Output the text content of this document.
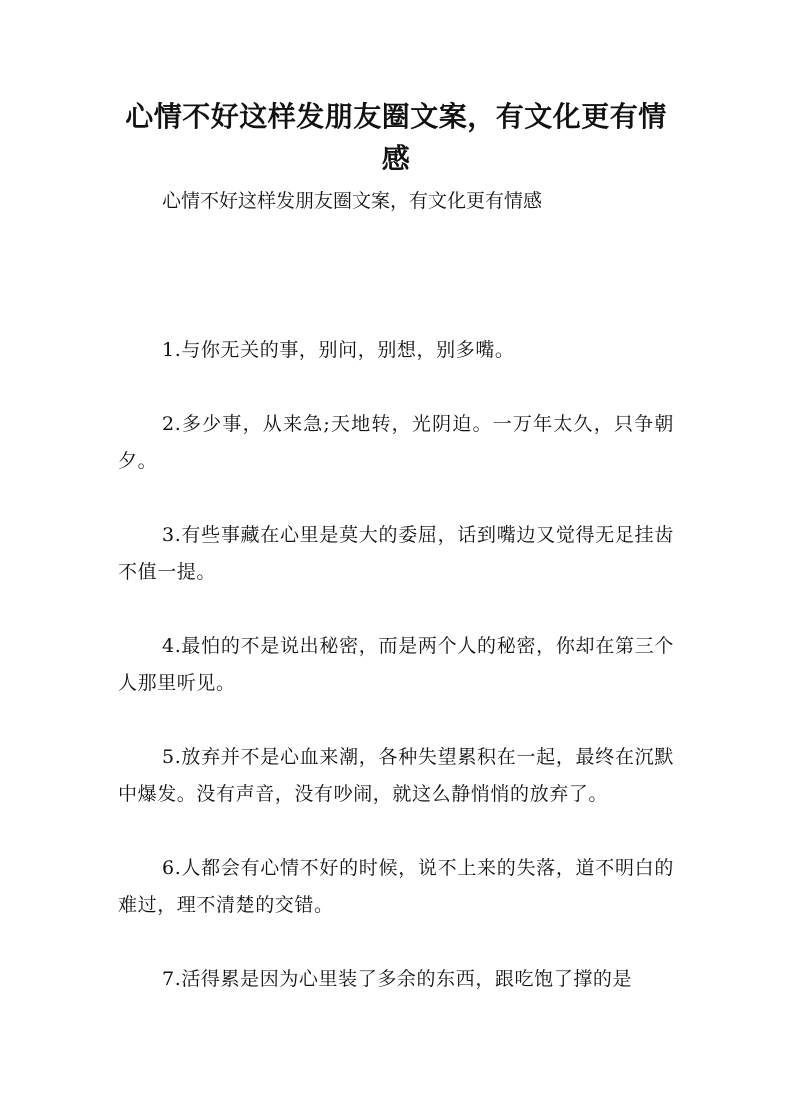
心情不好这样发朋友圈文案，有文化更有情感

心情不好这样发朋友圈文案，有文化更有情感

1.与你无关的事，别问，别想，别多嘴。

2.多少事，从来急;天地转，光阴迫。一万年太久，只争朝夕。

3.有些事藏在心里是莫大的委屈，话到嘴边又觉得无足挂齿不值一提。

4.最怕的不是说出秘密，而是两个人的秘密，你却在第三个人那里听见。

5.放弃并不是心血来潮，各种失望累积在一起，最终在沉默中爆发。没有声音，没有吵闹，就这么静悄悄的放弃了。

6.人都会有心情不好的时候，说不上来的失落，道不明白的难过，理不清楚的交错。

7.活得累是因为心里装了多余的东西，跟吃饱了撑的是
